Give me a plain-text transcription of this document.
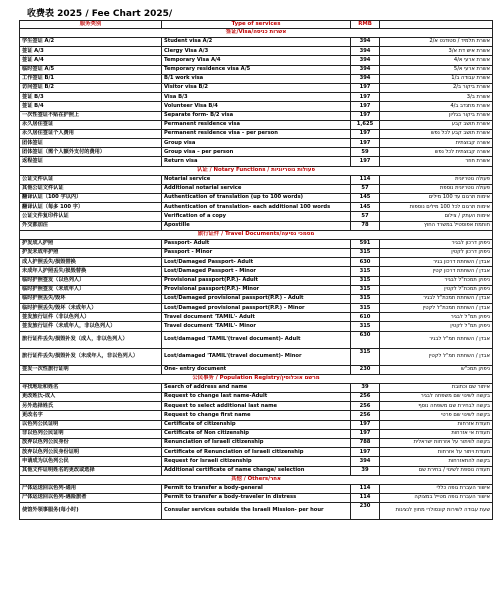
收费表 2025 / Fee Chart 2025/
服务类别	Type of services	RMB	
签证/Visa/אשרות כניסה			
学生签证 A/2	Student visa A/2	394	אשרת תלמיד / סטודנט א/2
签证 A/3	Clergy Visa A/3	394	אשרת איש דת א/3
签证 A/4	Temporary Visa A/4	394	אשרת ארעי א/4
临时签证 A/5	Temporary residence visa A/5	394	אשרת ארעי א/5
工作签证 B/1	B/1 work visa	394	אשרת עבודה ב/1
访问签证 B/2	Visitor visa B/2	197	אשרת ביקור ב/2
签证 B/3	Visa B/3	197	אשרת ב/3
签证 B/4	Volunteer Visa B/4	197	אשרת מתנדב ב/4
一次性签证不贴在护照上	Separate form- B/2 visa	197	אשרת ביקור בגליון
永久居住签证	Permanent residence visa	1,625	אשרת תושב קבע
永久居住签证个人费用	Permanent residence visa – per person	197	אשרת תושב קבע לכל נפש
团体签证	Group visa	197	אשרה קבוצתית
团体签证（需个人额外支付的费用）	Group visa – per person	59	אשרה קבוצתית לכל נפש
返程签证	Return visa	197	אשרת חוזר
认证 / Notary Functions / פעולות נוטריוניות			
公证文件认证	Notarial service	114	פעולה נוטריונית
其他公证文件认证	Additional notarial service	57	פעולה נוטריונית נוספת
翻译认证（100 字以内）	Authentication of translation (up to 100 words)	145	אימות תרגום עד 100 מילים
翻译认证（每多 100 字）	Authentication of translation- each additional 100 words	145	אימות תרגום לכל 100 מילים נוספות
公证文件复印件认证	Verification of a copy	57	אימות העתק / צילום
外交部加注	Apostille	78	חותמת אפוסטיל במשרד החוץ
旅行证件 / Travel Documents/מסמכי נסיעה			
护发成人护照	Passport- Adult	591	ניפוק דרכון לבגיר
护发未成年护照	Passport - Minor	315	ניפוק דרכון לקטין
成人护照丢失/损毁替换	Lost/Damaged Passport- Adult	630	אבדן / השחתת דרכון בגיר
未成年人护照丢失/损毁替换	Lost/Damaged Passport - Minor	315	אבדן / השחתת דרכון קטין
临时护照签发（以色列人）	Provisional passport(P.P.)- Adult	315	ניפוק תמכת"ל לבגיר
临时护照签发（未成年人）	Provisional passport(P.P.)- Minor	315	ניפוק תמכת"ל לקטין
临时护照丢失/毁坏	Lost/Damaged provisional passport(P.P.) - Adult	315	אבדן / השחתת תמכת"ל לבגיר
临时护照丢失/毁坏（未成年人）	Lost/Damaged provisional passport(P.P.) - Minor	315	אבדן / השחתת תמכת"ל לקטין
签发旅行证件（非以色列人）	Travel document 'TAMIL'- Adult	610	ניפוק תמ"ל לבגיר
签发旅行证件（未成年人，非以色列人）	Travel document 'TAMIL'- Minor	315	ניפוק תמ"ל לקטין
旅行证件丢失/损毁补发（成人，非以色列人）	Lost/damaged 'TAMIL'(travel document)- Adult	630	אבדן / השחתת תמ"ל לבגיר
旅行证件丢失/损毁补发（未成年人，非以色列人）	Lost/damaged 'TAMIL'(travel document)- Minor	315	אבדן / השחתת תמ"ל לקטין
签发一次性旅行证明	One- entry document	230	ניפוק תמכ"ש
公民事务 / Population Registry/מרשם אוכלוסין			
寻找地址和姓名	Search of address and name	39	איתור שם וכתובת
更改姓氏-成人	Request to change last name-Adult	256	בקשה לשינוי שם משפחה לבגיר
另外选择姓氏	Request to select additional last name	256	בקשה לבחירת שם משפחה נוסף
更改名字	Request to change first name	256	בקשה לשינוי שם פרטי
以色列公民证明	Certificate of citizenship	197	תעודת אזרחות
非以色列公民证明	Certificate of Non citizenship	197	תעודת אי אזרחות
放弃以色列公民身份	Renunciation of Israeli citizenship	788	בקשה לוויתור על אזרחות ישראלית
放弃以色列公民身份证明	Certificate of Renunciation of Israeli citizenship	197	תעודת ויתור על אזרחות
申请成为以色列公民	Request for Israeli citizenship	394	בקשה להתאזרחות
其他文件证明姓名的更改或选择	Additional certificate of name change/ selection	39	תעודה נוספת לשינוי / בחירת שם
其他 / Others/אחר			
尸体运送回以色列-通用	Permit to transfer a body-general	114	אישור העברת גופה כללי
尸体运送回以色列-遇险旅者	Permit to transfer a body-traveler in distress	114	אישור העברת גופה מטייל במצוקה
使馆外领事服务(每小时)	Consular services outside the Israeli Mission- per hour	230	שעת עבודה לשירות קונסולרי מחוץ לנציגות
